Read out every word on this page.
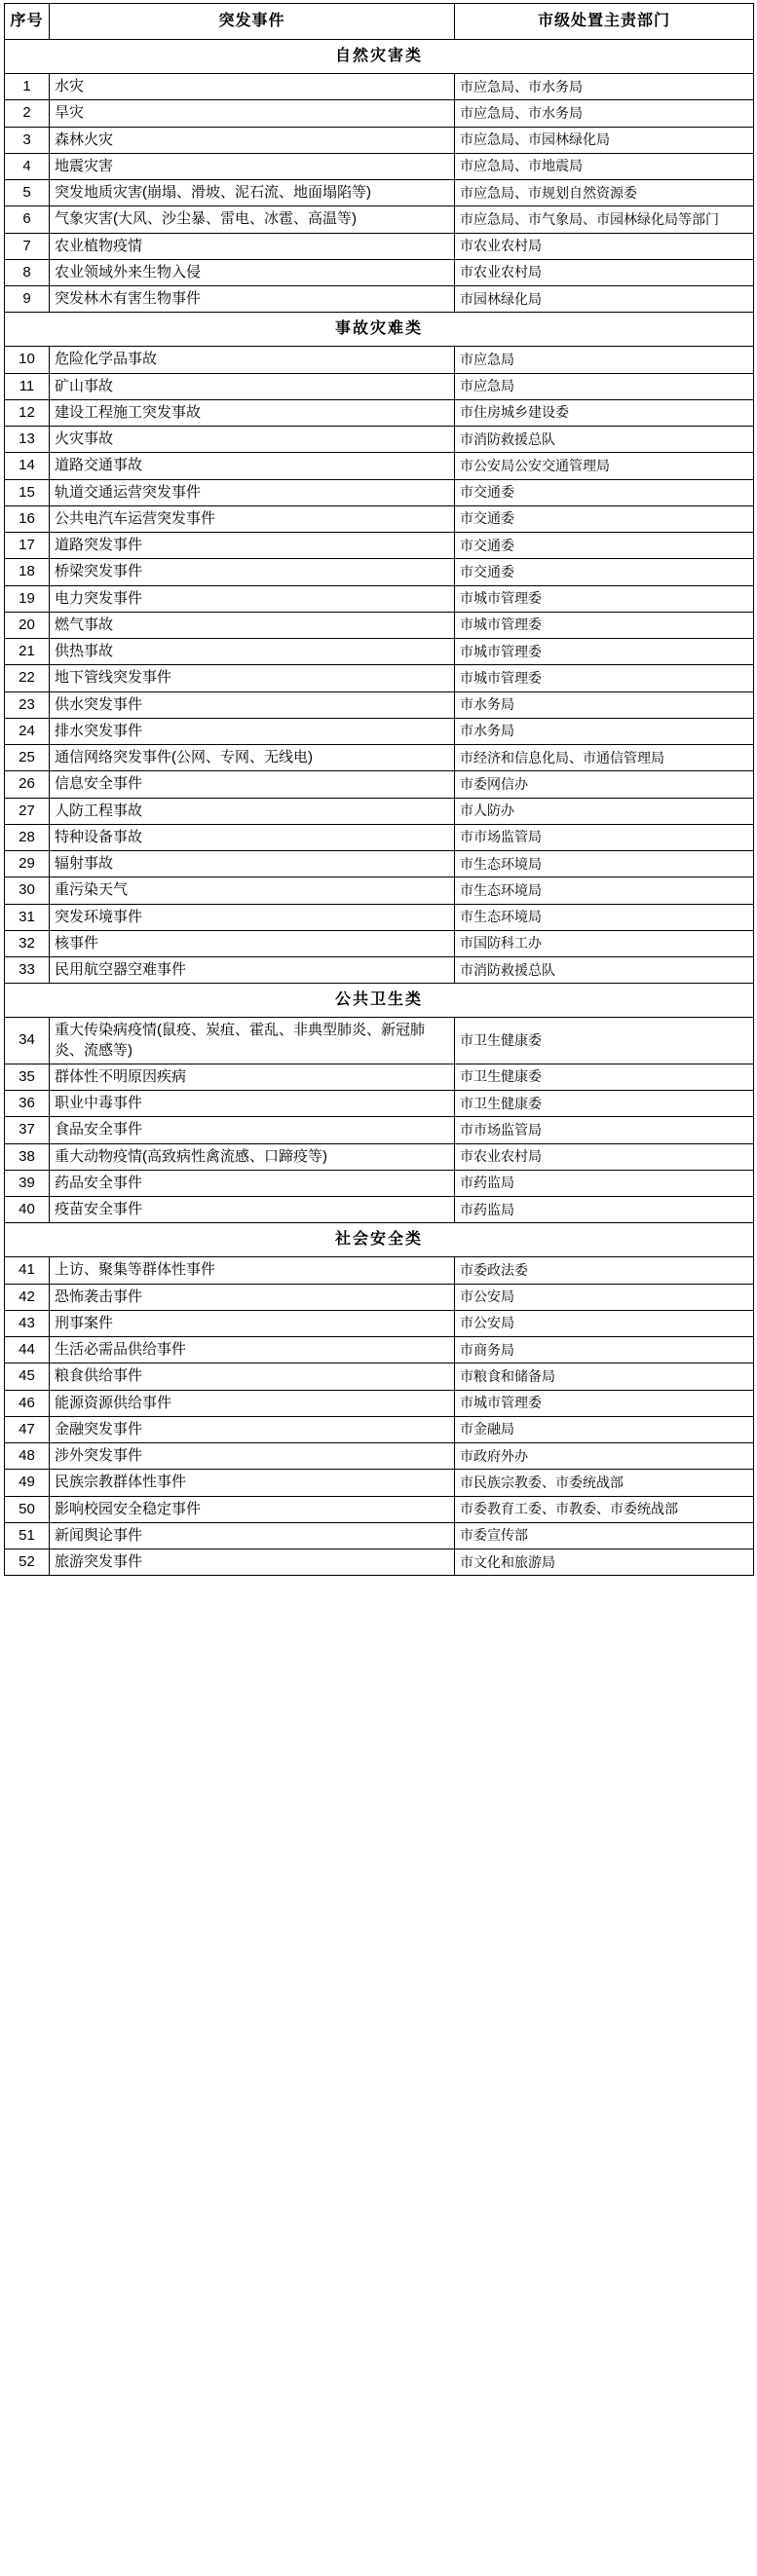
序号	突发事件	市级处置主责部门
自然灾害类		
1	水灾	市应急局、市水务局
2	旱灾	市应急局、市水务局
3	森林火灾	市应急局、市园林绿化局
4	地震灾害	市应急局、市地震局
5	突发地质灾害(崩塌、滑坡、泥石流、地面塌陷等)	市应急局、市规划自然资源委
6	气象灾害(大风、沙尘暴、雷电、冰雹、高温等)	市应急局、市气象局、市园林绿化局等部门
7	农业植物疫情	市农业农村局
8	农业领域外来生物入侵	市农业农村局
9	突发林木有害生物事件	市园林绿化局
事故灾难类		
10	危险化学品事故	市应急局
11	矿山事故	市应急局
12	建设工程施工突发事故	市住房城乡建设委
13	火灾事故	市消防救援总队
14	道路交通事故	市公安局公安交通管理局
15	轨道交通运营突发事件	市交通委
16	公共电汽车运营突发事件	市交通委
17	道路突发事件	市交通委
18	桥梁突发事件	市交通委
19	电力突发事件	市城市管理委
20	燃气事故	市城市管理委
21	供热事故	市城市管理委
22	地下管线突发事件	市城市管理委
23	供水突发事件	市水务局
24	排水突发事件	市水务局
25	通信网络突发事件(公网、专网、无线电)	市经济和信息化局、市通信管理局
26	信息安全事件	市委网信办
27	人防工程事故	市人防办
28	特种设备事故	市市场监管局
29	辐射事故	市生态环境局
30	重污染天气	市生态环境局
31	突发环境事件	市生态环境局
32	核事件	市国防科工办
33	民用航空器空难事件	市消防救援总队
公共卫生类		
34	重大传染病疫情(鼠疫、炭疽、霍乱、非典型肺炎、新冠肺炎、流感等)	市卫生健康委
35	群体性不明原因疾病	市卫生健康委
36	职业中毒事件	市卫生健康委
37	食品安全事件	市市场监管局
38	重大动物疫情(高致病性禽流感、口蹄疫等)	市农业农村局
39	药品安全事件	市药监局
40	疫苗安全事件	市药监局
社会安全类		
41	上访、聚集等群体性事件	市委政法委
42	恐怖袭击事件	市公安局
43	刑事案件	市公安局
44	生活必需品供给事件	市商务局
45	粮食供给事件	市粮食和储备局
46	能源资源供给事件	市城市管理委
47	金融突发事件	市金融局
48	涉外突发事件	市政府外办
49	民族宗教群体性事件	市民族宗教委、市委统战部
50	影响校园安全稳定事件	市委教育工委、市教委、市委统战部
51	新闻舆论事件	市委宣传部
52	旅游突发事件	市文化和旅游局
